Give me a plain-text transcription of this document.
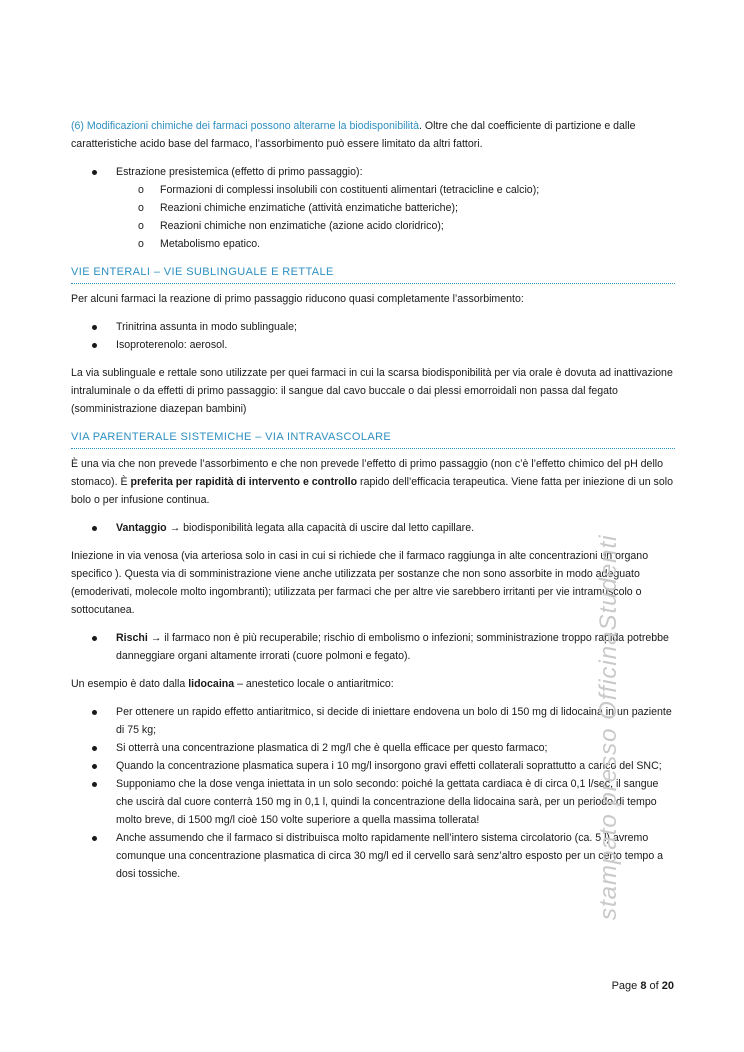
(6) Modificazioni chimiche dei farmaci possono alterarne la biodisponibilità. Oltre che dal coefficiente di partizione e dalle caratteristiche acido base del farmaco, l’assorbimento può essere limitato da altri fattori.

Estrazione presistemica (effetto di primo passaggio):
o Formazioni di complessi insolubili con costituenti alimentari (tetracicline e calcio);
o Reazioni chimiche enzimatiche (attività enzimatiche batteriche);
o Reazioni chimiche non enzimatiche (azione acido cloridrico);
o Metabolismo epatico.
VIE ENTERALI – VIE SUBLINGUALE E RETTALE

Per alcuni farmaci la reazione di primo passaggio riducono quasi completamente l’assorbimento:

Trinitrina assunta in modo sublinguale;
Isoproterenolo: aerosol.

La via sublinguale e rettale sono utilizzate per quei farmaci in cui la scarsa biodisponibilità per via orale è dovuta ad inattivazione intraluminale o da effetti di primo passaggio: il sangue dal cavo buccale o dai plessi emorroidali non passa dal fegato (somministrazione diazepan bambini)

VIA PARENTERALE SISTEMICHE – VIA INTRAVASCOLARE

È una via che non prevede l’assorbimento e che non prevede l’effetto di primo passaggio (non c’è l’effetto chimico del pH dello stomaco). È preferita per rapidità di intervento e controllo rapido dell’efficacia terapeutica. Viene fatta per iniezione di un solo bolo o per infusione continua.

Vantaggio → biodisponibilità legata alla capacità di uscire dal letto capillare.

Iniezione in via venosa (via arteriosa solo in casi in cui si richiede che il farmaco raggiunga in alte concentrazioni un organo specifico ). Questa via di somministrazione viene anche utilizzata per sostanze che non sono assorbite in modo adeguato (emoderivati, molecole molto ingombranti); utilizzata per farmaci che per altre vie sarebbero irritanti per vie intramuscolo o sottocutanea.

Rischi → il farmaco non è più recuperabile; rischio di embolismo o infezioni; somministrazione troppo rapida potrebbe danneggiare organi altamente irrorati (cuore polmoni e fegato).

Un esempio è dato dalla lidocaina – anestetico locale o antiaritmico:

Per ottenere un rapido effetto antiaritmico, si decide di iniettare endovena un bolo di 150 mg di lidocaina in un paziente di 75 kg;
Si otterrà una concentrazione plasmatica di 2 mg/l che è quella efficace per questo farmaco;
Quando la concentrazione plasmatica supera i 10 mg/l insorgono gravi effetti collaterali soprattutto a carico del SNC;
Supponiamo che la dose venga iniettata in un solo secondo: poiché la gettata cardiaca è di circa 0,1 l/sec, il sangue che uscirà dal cuore conterrà 150 mg in 0,1 l, quindi la concentrazione della lidocaina sarà, per un periodo di tempo molto breve, di 1500 mg/l cioè 150 volte superiore a quella massima tollerata!
Anche assumendo che il farmaco si distribuisca molto rapidamente nell’intero sistema circolatorio (ca. 5 l) avremo comunque una concentrazione plasmatica di circa 30 mg/l ed il cervello sarà senz’altro esposto per un certo tempo a dosi tossiche.	stampato presso OfficinaStudenti
Page 8 of 20
